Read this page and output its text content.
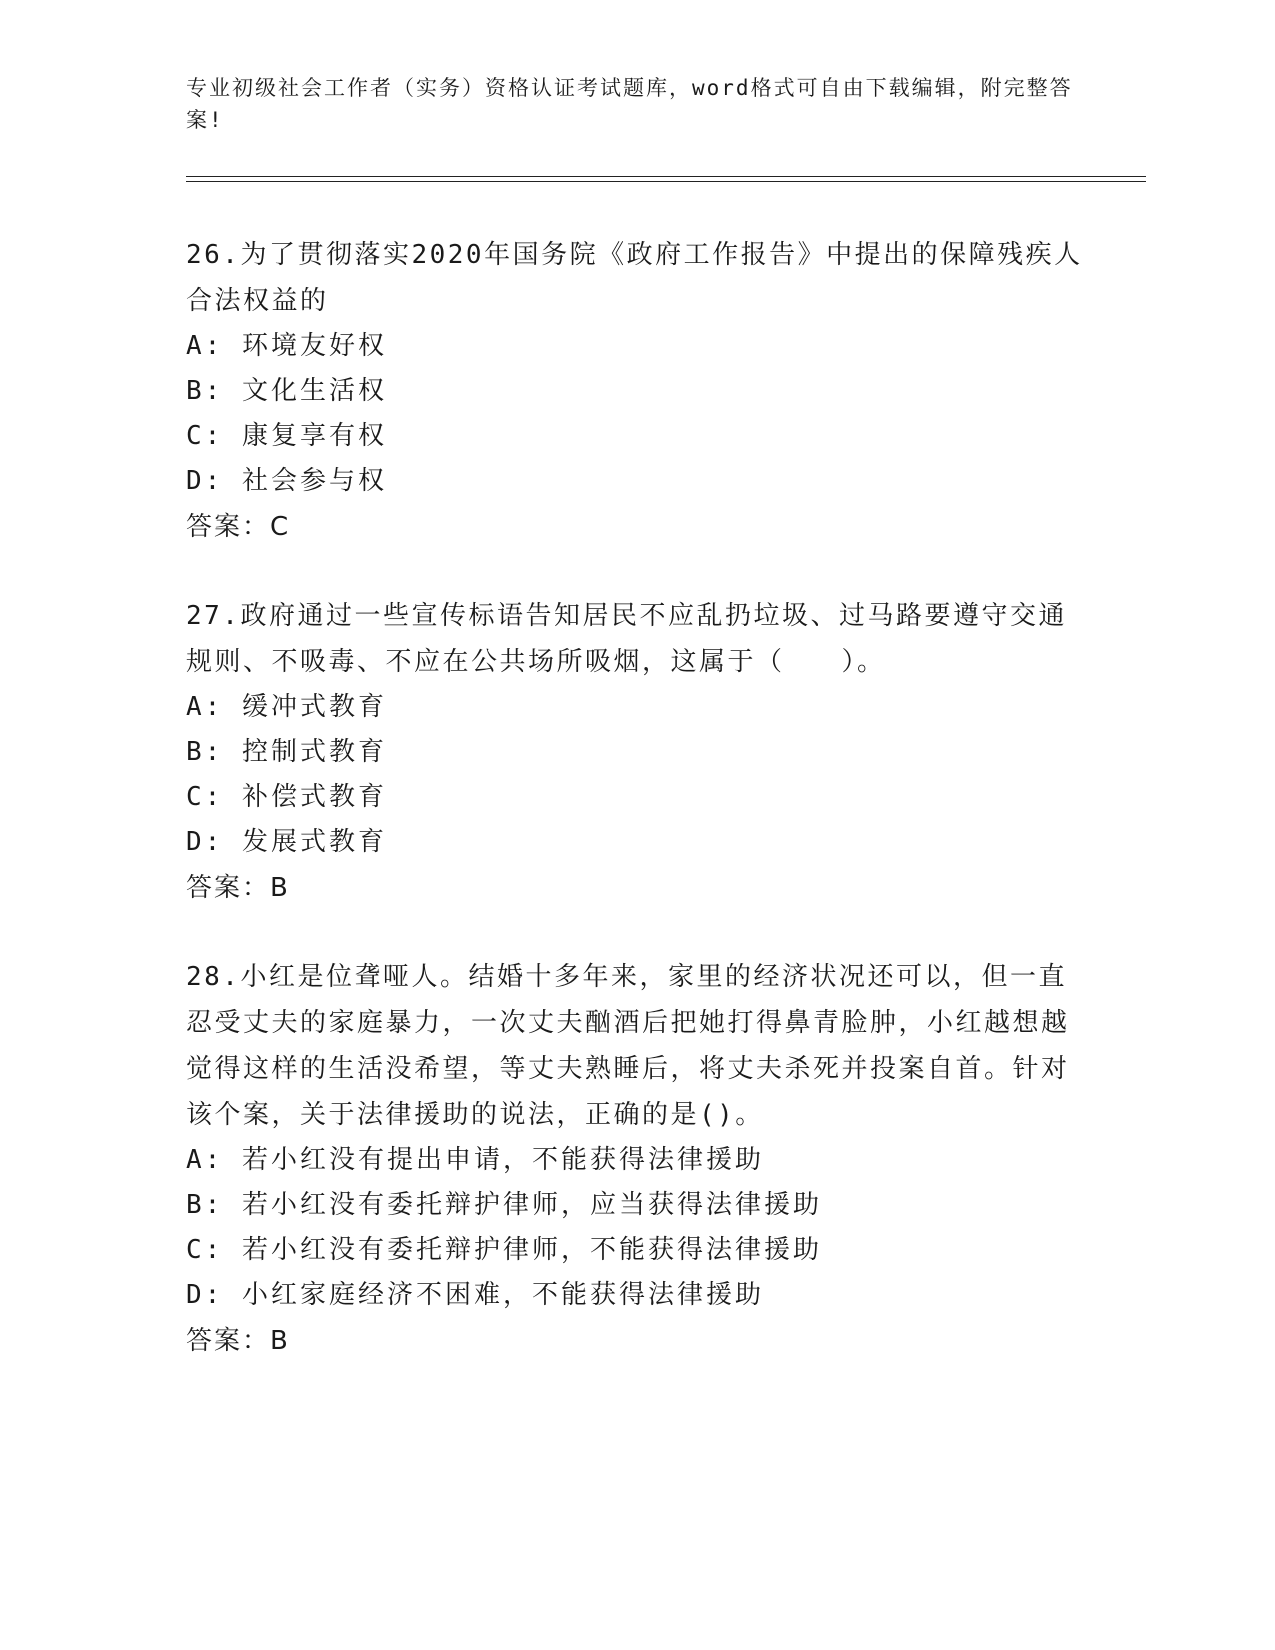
专业初级社会工作者（实务）资格认证考试题库，word格式可自由下载编辑，附完整答案!
26.为了贯彻落实2020年国务院《政府工作报告》中提出的保障残疾人合法权益的
A: 环境友好权
B: 文化生活权
C: 康复享有权
D: 社会参与权
答案：C
27.政府通过一些宣传标语告知居民不应乱扔垃圾、过马路要遵守交通规则、不吸毒、不应在公共场所吸烟，这属于（　　）。
A: 缓冲式教育
B: 控制式教育
C: 补偿式教育
D: 发展式教育
答案：B
28.小红是位聋哑人。结婚十多年来，家里的经济状况还可以，但一直忍受丈夫的家庭暴力，一次丈夫酗酒后把她打得鼻青脸肿，小红越想越觉得这样的生活没希望，等丈夫熟睡后，将丈夫杀死并投案自首。针对该个案，关于法律援助的说法，正确的是()。
A: 若小红没有提出申请，不能获得法律援助
B: 若小红没有委托辩护律师，应当获得法律援助
C: 若小红没有委托辩护律师，不能获得法律援助
D: 小红家庭经济不困难，不能获得法律援助
答案：B
